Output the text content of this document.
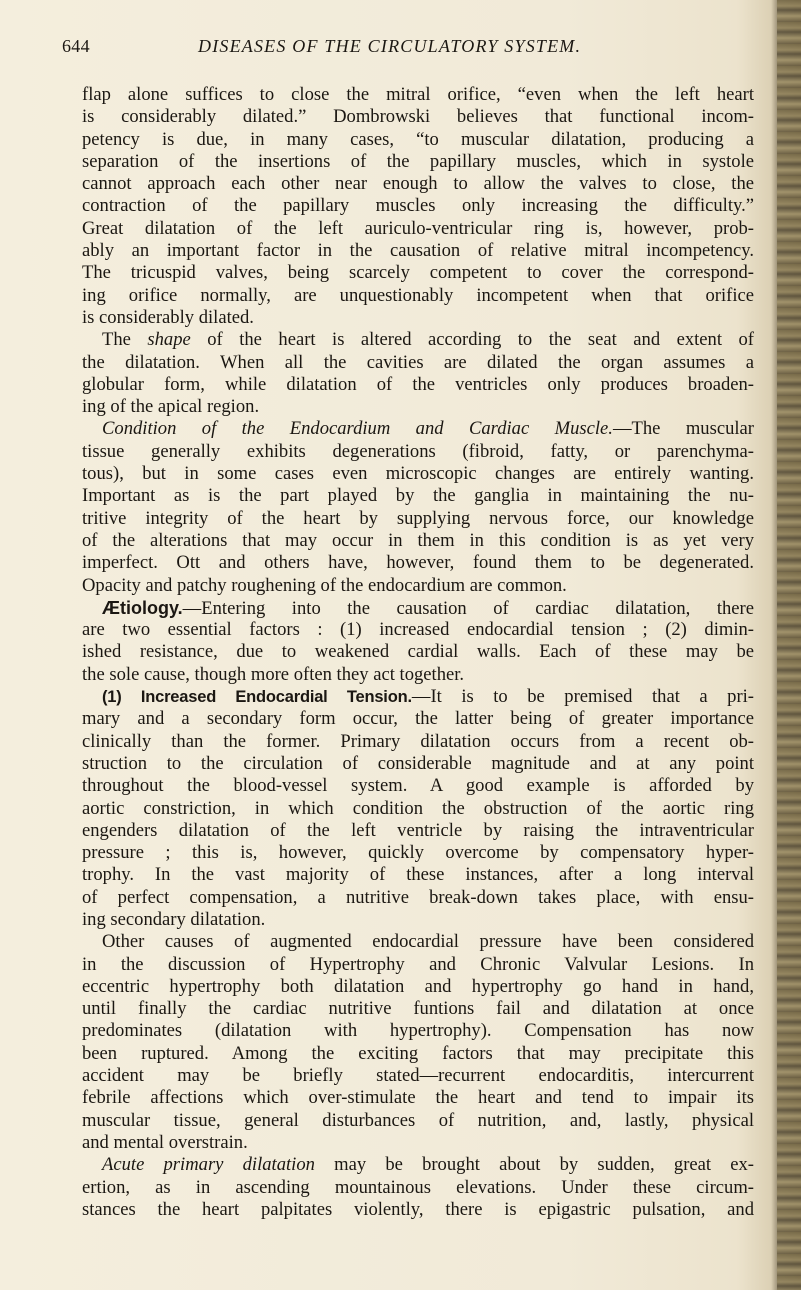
644	DISEASES OF THE CIRCULATORY SYSTEM.
flap alone suffices to close the mitral orifice, “even when the left heart
is considerably dilated.” Dombrowski believes that functional incom-
petency is due, in many cases, “to muscular dilatation, producing a
separation of the insertions of the papillary muscles, which in systole
cannot approach each other near enough to allow the valves to close, the
contraction of the papillary muscles only increasing the difficulty.”
Great dilatation of the left auriculo-ventricular ring is, however, prob-
ably an important factor in the causation of relative mitral incompetency.
The tricuspid valves, being scarcely competent to cover the correspond-
ing orifice normally, are unquestionably incompetent when that orifice
is considerably dilated.
The shape of the heart is altered according to the seat and extent of
the dilatation. When all the cavities are dilated the organ assumes a
globular form, while dilatation of the ventricles only produces broaden-
ing of the apical region.
Condition of the Endocardium and Cardiac Muscle.—The muscular
tissue generally exhibits degenerations (fibroid, fatty, or parenchyma-
tous), but in some cases even microscopic changes are entirely wanting.
Important as is the part played by the ganglia in maintaining the nu-
tritive integrity of the heart by supplying nervous force, our knowledge
of the alterations that may occur in them in this condition is as yet very
imperfect. Ott and others have, however, found them to be degenerated.
Opacity and patchy roughening of the endocardium are common.
Ætiology.—Entering into the causation of cardiac dilatation, there
are two essential factors : (1) increased endocardial tension ; (2) dimin-
ished resistance, due to weakened cardial walls. Each of these may be
the sole cause, though more often they act together.
(1) Increased Endocardial Tension.—It is to be premised that a pri-
mary and a secondary form occur, the latter being of greater importance
clinically than the former. Primary dilatation occurs from a recent ob-
struction to the circulation of considerable magnitude and at any point
throughout the blood-vessel system. A good example is afforded by
aortic constriction, in which condition the obstruction of the aortic ring
engenders dilatation of the left ventricle by raising the intraventricular
pressure ; this is, however, quickly overcome by compensatory hyper-
trophy. In the vast majority of these instances, after a long interval
of perfect compensation, a nutritive break-down takes place, with ensu-
ing secondary dilatation.
Other causes of augmented endocardial pressure have been considered
in the discussion of Hypertrophy and Chronic Valvular Lesions. In
eccentric hypertrophy both dilatation and hypertrophy go hand in hand,
until finally the cardiac nutritive funtions fail and dilatation at once
predominates (dilatation with hypertrophy). Compensation has now
been ruptured. Among the exciting factors that may precipitate this
accident may be briefly stated—recurrent endocarditis, intercurrent
febrile affections which over-stimulate the heart and tend to impair its
muscular tissue, general disturbances of nutrition, and, lastly, physical
and mental overstrain.
Acute primary dilatation may be brought about by sudden, great ex-
ertion, as in ascending mountainous elevations. Under these circum-
stances the heart palpitates violently, there is epigastric pulsation, and
